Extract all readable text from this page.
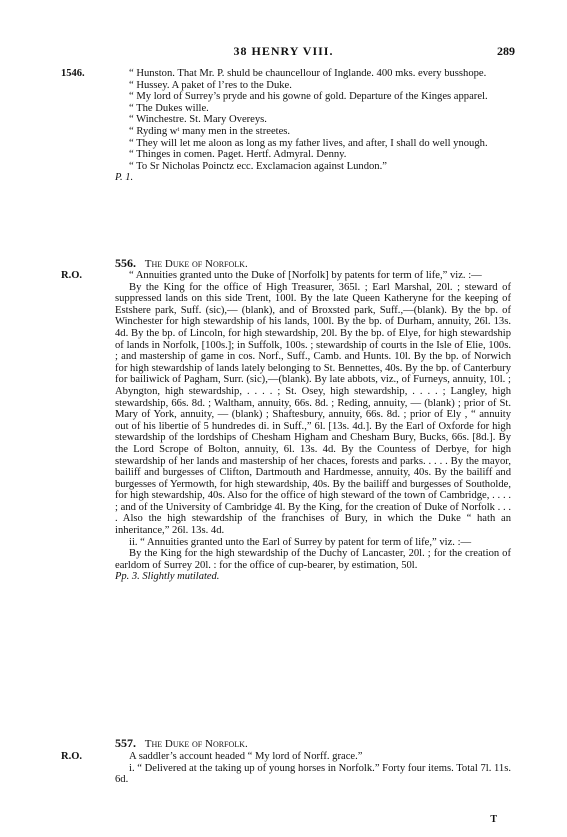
38 HENRY VIII.	289
1546.	“ Hunston. That Mr. P. shuld be chauncellour of Inglande. 400 mks. every busshope.

“ Hussey. A paket of l’res to the Duke.

“ My lord of Surrey’s pryde and his gowne of gold. Departure of the Kinges apparel.

“ The Dukes wille.

“ Winchestre. St. Mary Overeys.

“ Ryding wᵗ many men in the streetes.

“ They will let me aloon as long as my father lives, and after, I shall do well ynough.

“ Thinges in comen. Paget. Hertf. Admyral. Denny.

“ To Sr Nicholas Poinctz ecc. Exclamacion against Lundon.”

P. 1.

556. The Duke of Norfolk.
R.O.	“ Annuities granted unto the Duke of [Norfolk] by patents for term of life,” viz. :—

By the King for the office of High Treasurer, 365l. ; Earl Marshal, 20l. ; steward of suppressed lands on this side Trent, 100l. By the late Queen Katheryne for the keeping of Estshere park, Suff. (sic),— (blank), and of Broxsted park, Suff.,—(blank). By the bp. of Winchester for high stewardship of his lands, 100l. By the bp. of Durham, annuity, 26l. 13s. 4d. By the bp. of Lincoln, for high stewardship, 20l. By the bp. of Elye, for high stewardship of lands in Norfolk, [100s.]; in Suffolk, 100s. ; stewardship of courts in the Isle of Elie, 100s. ; and mastership of game in cos. Norf., Suff., Camb. and Hunts. 10l. By the bp. of Norwich for high stewardship of lands lately belonging to St. Bennettes, 40s. By the bp. of Canterbury for bailiwick of Pagham, Surr. (sic),—(blank). By late abbots, viz., of Furneys, annuity, 10l. ; Abyngton, high stewardship, . . . . ; St. Osey, high stewardship, . . . . ; Langley, high stewardship, 66s. 8d. ; Waltham, annuity, 66s. 8d. ; Reding, annuity, — (blank) ; prior of St. Mary of York, annuity, — (blank) ; Shaftesbury, annuity, 66s. 8d. ; prior of Ely , “ annuity out of his libertie of 5 hundredes di. in Suff.,” 6l. [13s. 4d.]. By the Earl of Oxforde for high stewardship of the lordships of Chesham Higham and Chesham Bury, Bucks, 66s. [8d.]. By the Lord Scrope of Bolton, annuity, 6l. 13s. 4d. By the Countess of Derbye, for high stewardship of her lands and mastership of her chaces, forests and parks. . . . . By the mayor, bailiff and burgesses of Clifton, Dartmouth and Hardmesse, annuity, 40s. By the bailiff and burgesses of Yermowth, for high stewardship, 40s. By the bailiff and burgesses of Southolde, for high stewardship, 40s. Also for the office of high steward of the town of Cambridge, . . . . ; and of the University of Cambridge 4l. By the King, for the creation of Duke of Norfolk . . . . Also the high stewardship of the franchises of Bury, in which the Duke “ hath an inheritance,” 26l. 13s. 4d.

ii. “ Annuities granted unto the Earl of Surrey by patent for term of life,” viz. :—

By the King for the high stewardship of the Duchy of Lancaster, 20l. ; for the creation of earldom of Surrey 20l. : for the office of cup-bearer, by estimation, 50l.

Pp. 3. Slightly mutilated.

557. The Duke of Norfolk.
R.O.	A saddler’s account headed “ My lord of Norff. grace.”

i. “ Delivered at the taking up of young horses in Norfolk.” Forty four items. Total 7l. 11s. 6d.

T
